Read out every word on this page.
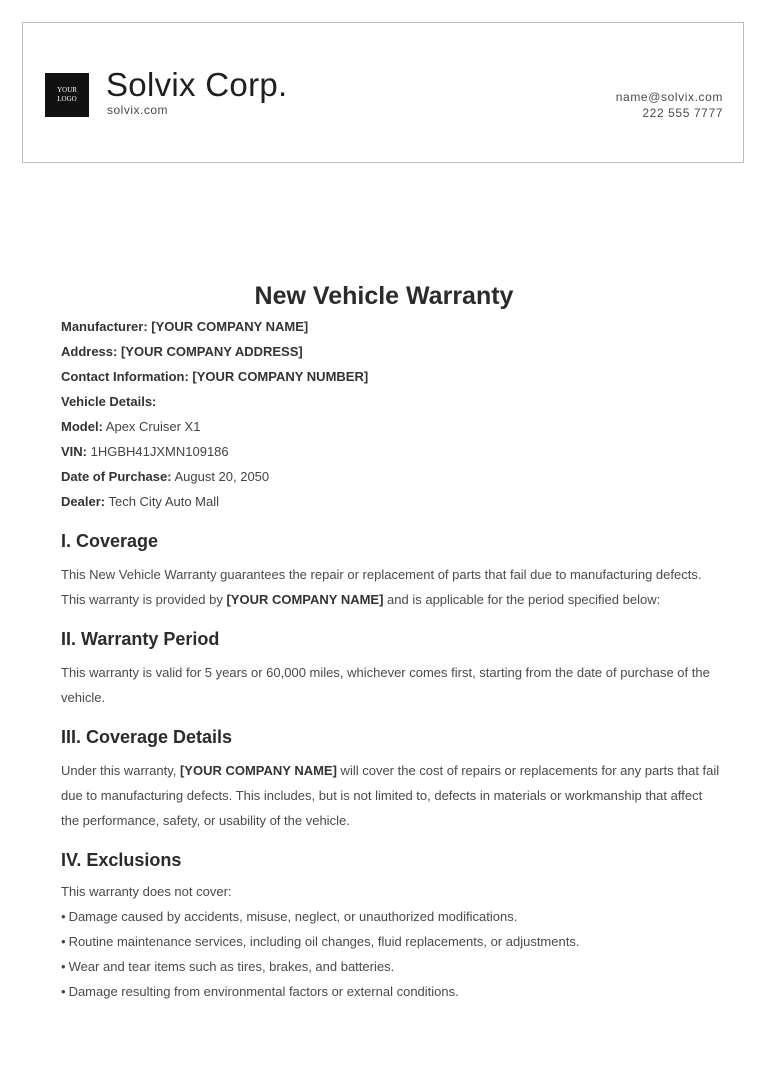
YOUR
LOGO Solvix Corp.
solvix.com
name@solvix.com
222 555 7777
New Vehicle Warranty
Manufacturer: [YOUR COMPANY NAME]
Address: [YOUR COMPANY ADDRESS]
Contact Information: [YOUR COMPANY NUMBER]
Vehicle Details:
Model: Apex Cruiser X1
VIN: 1HGBH41JXMN109186
Date of Purchase: August 20, 2050
Dealer: Tech City Auto Mall
I. Coverage

This New Vehicle Warranty guarantees the repair or replacement of parts that fail due to manufacturing defects. This warranty is provided by [YOUR COMPANY NAME] and is applicable for the period specified below:

II. Warranty Period

This warranty is valid for 5 years or 60,000 miles, whichever comes first, starting from the date of purchase of the vehicle.

III. Coverage Details

Under this warranty, [YOUR COMPANY NAME] will cover the cost of repairs or replacements for any parts that fail due to manufacturing defects. This includes, but is not limited to, defects in materials or workmanship that affect the performance, safety, or usability of the vehicle.

IV. Exclusions

This warranty does not cover:

• Damage caused by accidents, misuse, neglect, or unauthorized modifications.
• Routine maintenance services, including oil changes, fluid replacements, or adjustments.
• Wear and tear items such as tires, brakes, and batteries.
• Damage resulting from environmental factors or external conditions.
